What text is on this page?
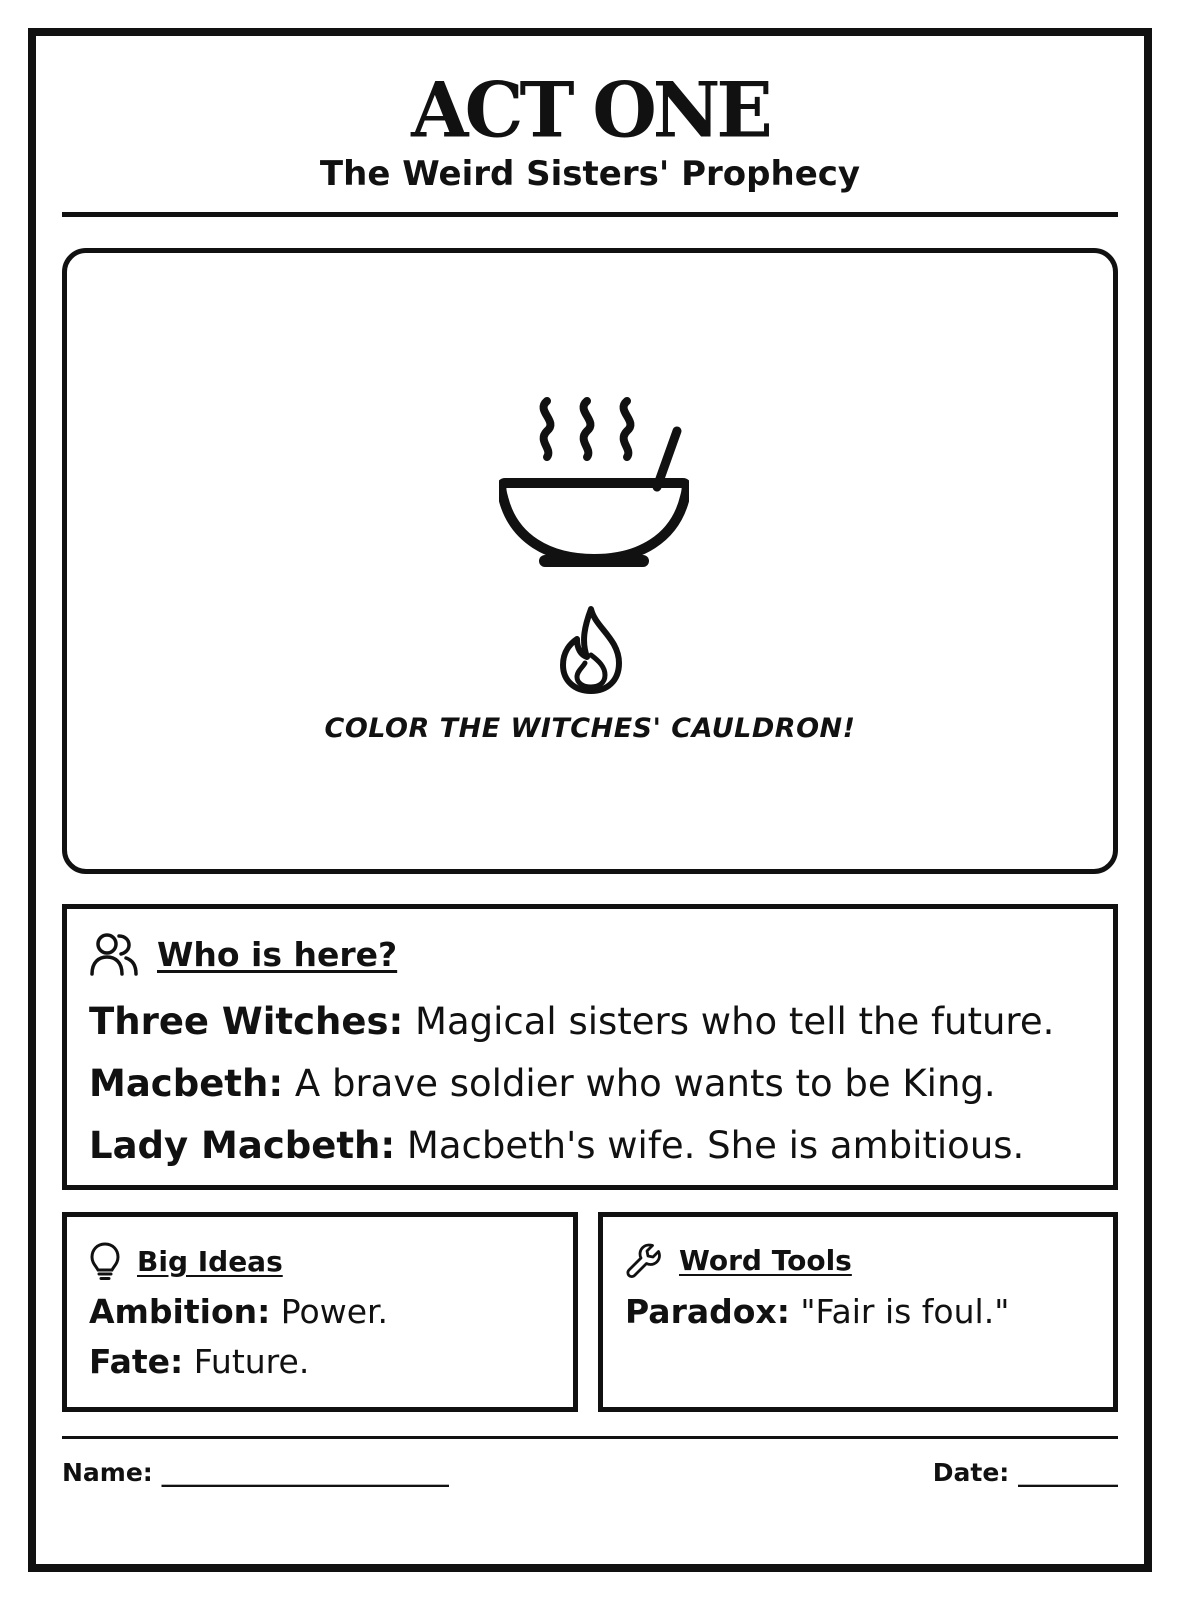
ACT ONE
The Weird Sisters' Prophecy
COLOR THE WITCHES' CAULDRON!
Who is here?
Three Witches: Magical sisters who tell the future.
Macbeth: A brave soldier who wants to be King.
Lady Macbeth: Macbeth's wife. She is ambitious.
Big Ideas
Ambition: Power.
Fate: Future.
Word Tools
Paradox: "Fair is foul."
Name: _______________________	Date: ________
